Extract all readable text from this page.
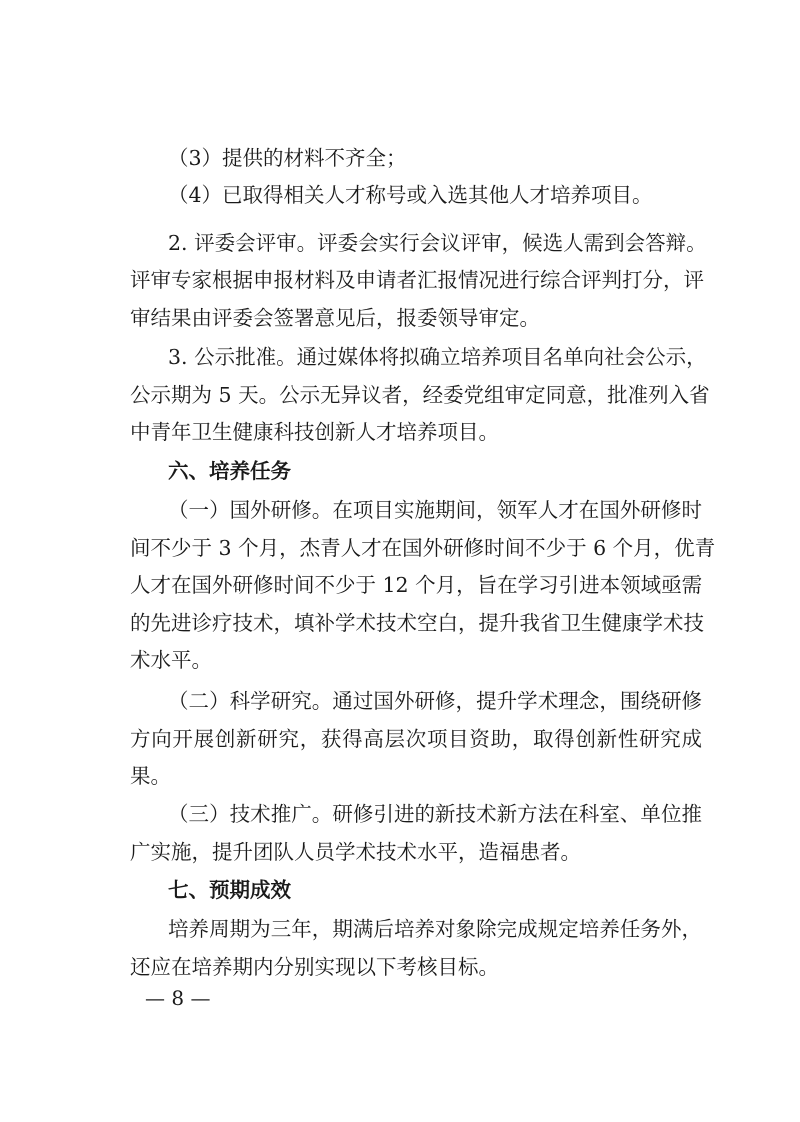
（3）提供的材料不齐全；
（4）已取得相关人才称号或入选其他人才培养项目。
2. 评委会评审。评委会实行会议评审，候选人需到会答辩。
评审专家根据申报材料及申请者汇报情况进行综合评判打分，评
审结果由评委会签署意见后，报委领导审定。
3. 公示批准。通过媒体将拟确立培养项目名单向社会公示，
公示期为 5 天。公示无异议者，经委党组审定同意，批准列入省
中青年卫生健康科技创新人才培养项目。
六、培养任务
（一）国外研修。在项目实施期间，领军人才在国外研修时
间不少于 3 个月，杰青人才在国外研修时间不少于 6 个月，优青
人才在国外研修时间不少于 12 个月，旨在学习引进本领域亟需
的先进诊疗技术，填补学术技术空白，提升我省卫生健康学术技
术水平。
（二）科学研究。通过国外研修，提升学术理念，围绕研修
方向开展创新研究，获得高层次项目资助，取得创新性研究成
果。
（三）技术推广。研修引进的新技术新方法在科室、单位推
广实施，提升团队人员学术技术水平，造福患者。
七、预期成效
培养周期为三年，期满后培养对象除完成规定培养任务外，
还应在培养期内分别实现以下考核目标。
— 8 —
